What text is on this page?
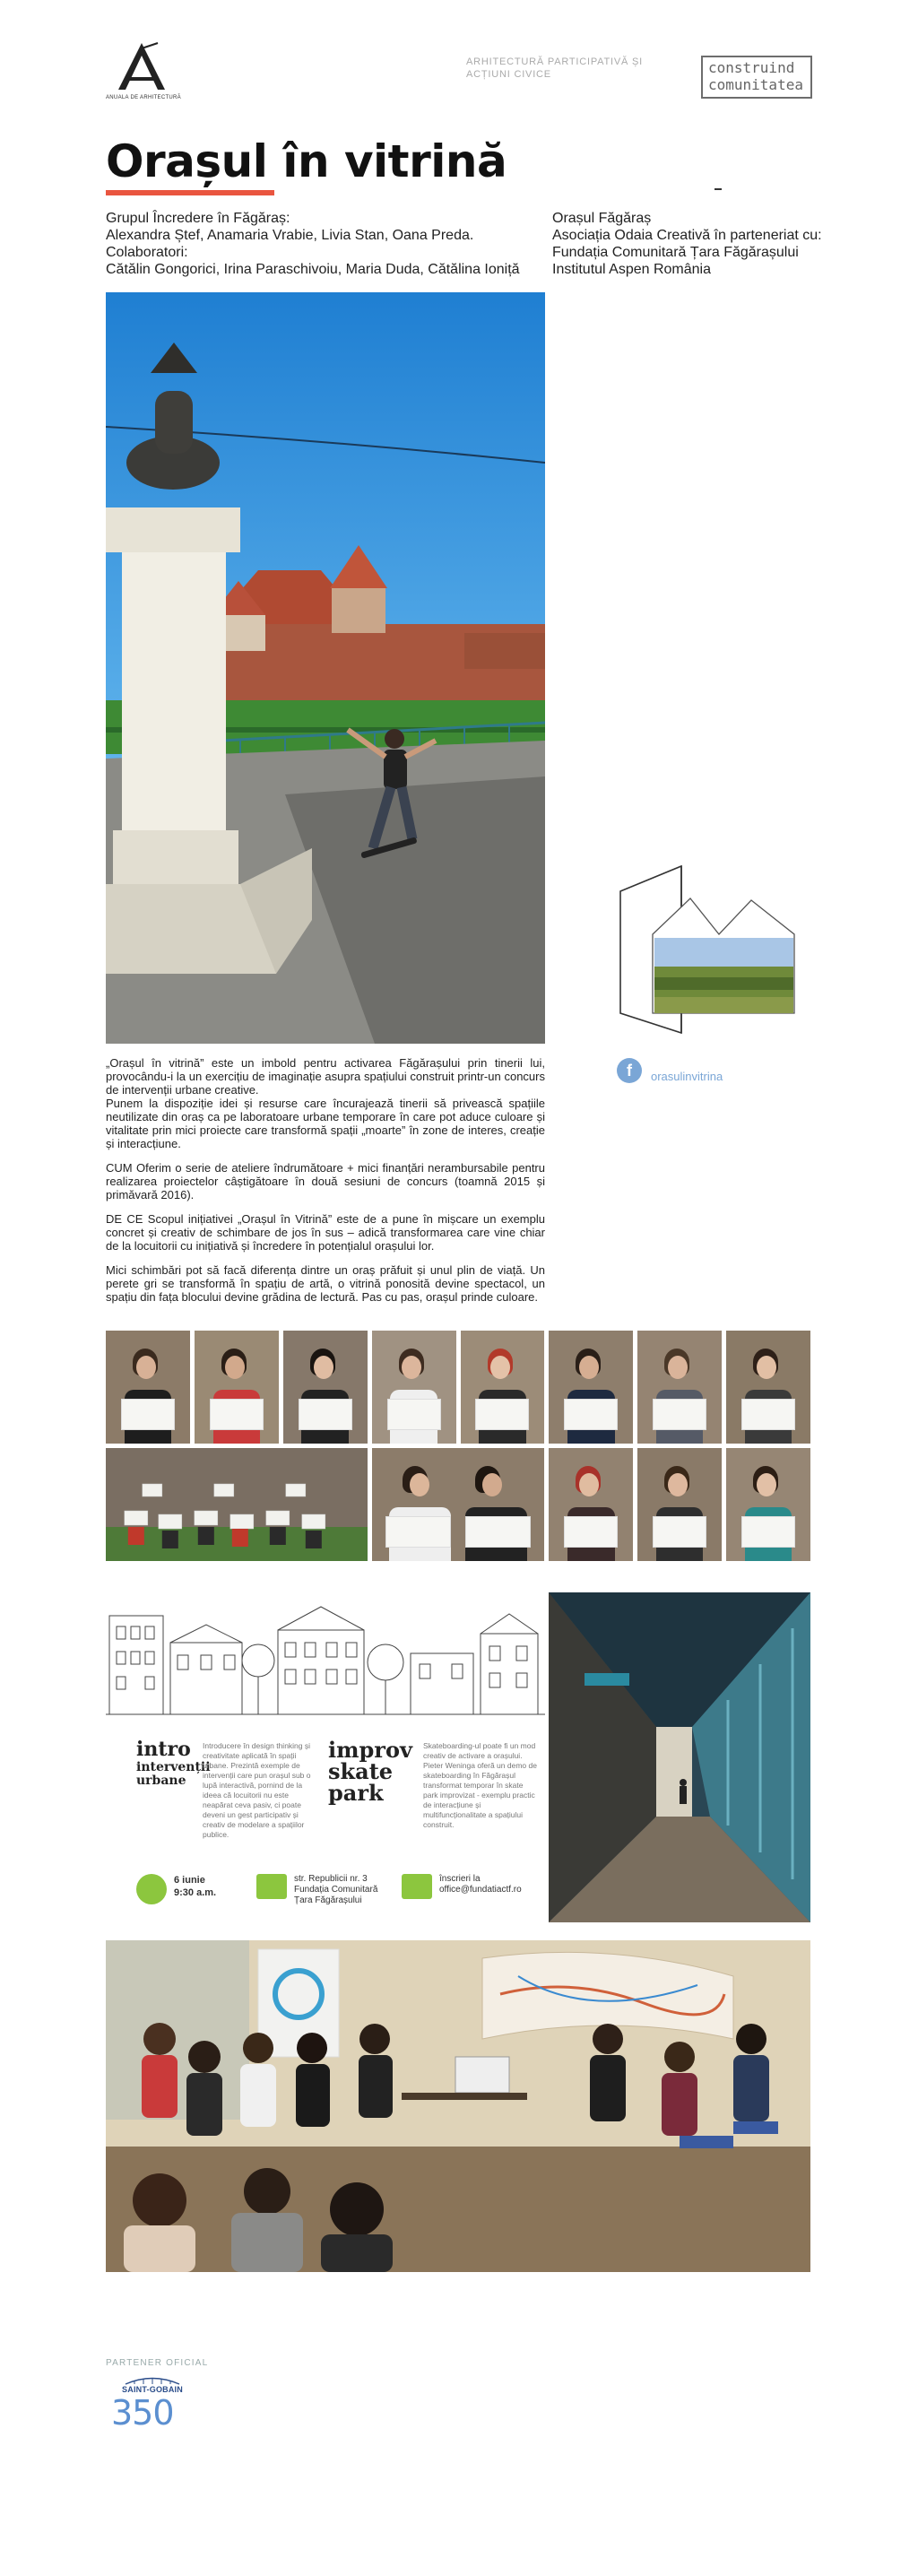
ANUALA DE ARHITECTURĂ
ARHITECTURĂ PARTICIPATIVĂ ȘI ACȚIUNI CIVICE	construind
comunitatea
Orașul în vitrină
Grupul Încredere în Făgăraș:
Alexandra Ștef, Anamaria Vrabie, Livia Stan, Oana Preda.
Colaboratori:
Cătălin Gongorici, Irina Paraschivoiu, Maria Duda, Cătălina Ioniță
Orașul Făgăraș
Asociația Odaia Creativă în parteneriat cu:
Fundația Comunitară Țara Făgărașului
Institutul Aspen România
f	orasulinvitrina

„Orașul în vitrină” este un imbold pentru activarea Făgărașului prin tinerii lui, provocându-i la un exercițiu de imaginație asupra spațiului construit printr-un concurs de intervenții urbane creative.

Punem la dispoziție idei și resurse care încurajează tinerii să privească spațiile neutilizate din oraș ca pe laboratoare urbane temporare în care pot aduce culoare și vitalitate prin mici proiecte care transformă spații „moarte” în zone de interes, creație și interacțiune.

CUM Oferim o serie de ateliere îndrumătoare + mici finanțări nerambursabile pentru realizarea proiectelor câștigătoare în două sesiuni de concurs (toamnă 2015 și primăvară 2016).

DE CE Scopul inițiativei „Orașul în Vitrină” este de a pune în mișcare un exemplu concret și creativ de schimbare de jos în sus – adică transformarea care vine chiar de la locuitorii cu inițiativă și încredere în potențialul orașului lor.

Mici schimbări pot să facă diferența dintre un oraș prăfuit și unul plin de viață. Un perete gri se transformă în spațiu de artă, o vitrină ponosită devine spectacol, un spațiu din fața blocului devine grădina de lectură. Pas cu pas, orașul prinde culoare.

intro
intervenții
urbane
Introducere în design thinking și creativitate aplicată în spații urbane. Prezintă exemple de intervenții care pun orașul sub o lupă interactivă, pornind de la ideea că locuitorii nu este neapărat ceva pasiv, ci poate deveni un gest participativ și creativ de modelare a spațiilor publice.
improv
skate
park
Skateboarding-ul poate fi un mod creativ de activare a orașului. Pieter Weninga oferă un demo de skateboarding în Făgărașul transformat temporar în skate park improvizat - exemplu practic de interacțiune și multifuncționalitate a spațiului construit.
6 iunie
9:30 a.m.
str. Republicii nr. 3
Fundația Comunitară
Țara Făgărașului
înscrieri la
office@fundatiactf.ro
PARTENER OFICIAL
SAINT-GOBAIN
350
